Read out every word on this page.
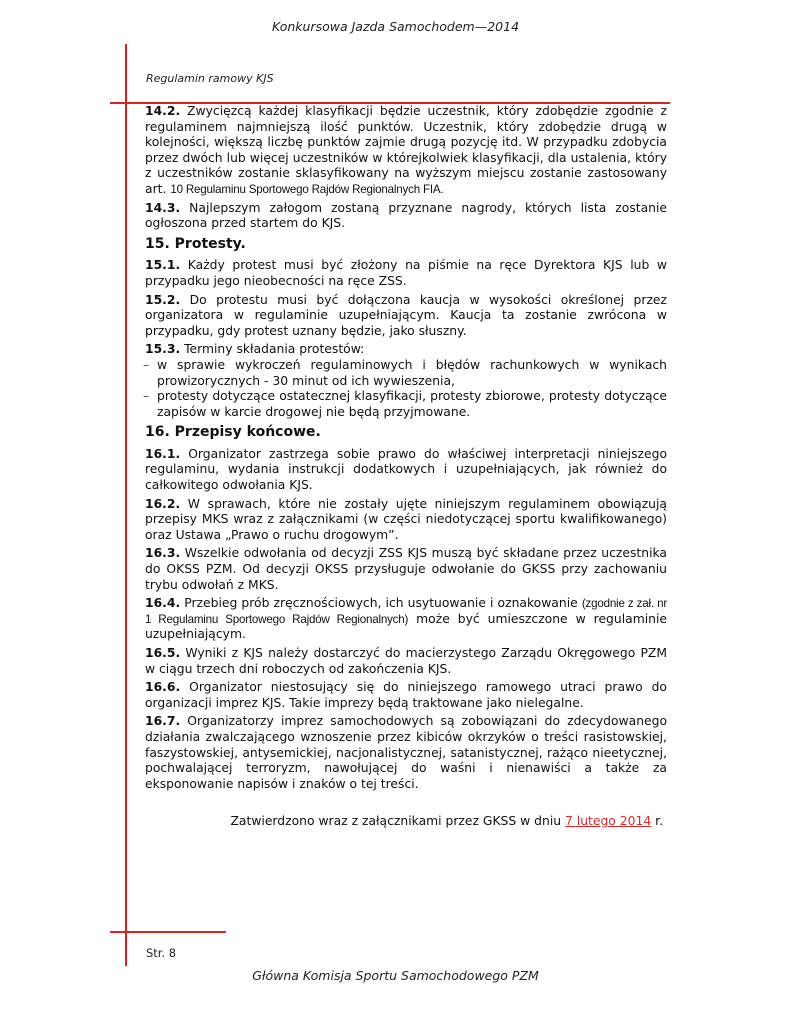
Konkursowa Jazda Samochodem—2014
Regulamin ramowy KJS

14.2. Zwycięzcą każdej klasyfikacji będzie uczestnik, który zdobędzie zgodnie z regulaminem najmniejszą ilość punktów. Uczestnik, który zdobędzie drugą w kolejności, większą liczbę punktów zajmie drugą pozycję itd. W przypadku zdobycia przez dwóch lub więcej uczestników w którejkolwiek klasyfikacji, dla ustalenia, który z uczestników zostanie sklasyfikowany na wyższym miejscu zostanie zastosowany art. 10 Regulaminu Sportowego Rajdów Regionalnych FIA.

14.3. Najlepszym załogom zostaną przyznane nagrody, których lista zostanie ogłoszona przed startem do KJS.

15. Protesty.

15.1. Każdy protest musi być złożony na piśmie na ręce Dyrektora KJS lub w przypadku jego nieobecności na ręce ZSS.

15.2. Do protestu musi być dołączona kaucja w wysokości określonej przez organizatora w regulaminie uzupełniającym. Kaucja ta zostanie zwrócona w przypadku, gdy protest uznany będzie, jako słuszny.

15.3. Terminy składania protestów:

– w sprawie wykroczeń regulaminowych i błędów rachunkowych w wynikach prowizorycznych - 30 minut od ich wywieszenia,
– protesty dotyczące ostatecznej klasyfikacji, protesty zbiorowe, protesty dotyczące zapisów w karcie drogowej nie będą przyjmowane.
16. Przepisy końcowe.

16.1. Organizator zastrzega sobie prawo do właściwej interpretacji niniejszego regulaminu, wydania instrukcji dodatkowych i uzupełniających, jak również do całkowitego odwołania KJS.

16.2. W sprawach, które nie zostały ujęte niniejszym regulaminem obowiązują przepisy MKS wraz z załącznikami (w części niedotyczącej sportu kwalifikowanego) oraz Ustawa „Prawo o ruchu drogowym”.

16.3. Wszelkie odwołania od decyzji ZSS KJS muszą być składane przez uczestnika do OKSS PZM. Od decyzji OKSS przysługuje odwołanie do GKSS przy zachowaniu trybu odwołań z MKS.

16.4. Przebieg prób zręcznościowych, ich usytuowanie i oznakowanie (zgodnie z zał. nr 1 Regulaminu Sportowego Rajdów Regionalnych) może być umieszczone w regulaminie uzupełniającym.

16.5. Wyniki z KJS należy dostarczyć do macierzystego Zarządu Okręgowego PZM w ciągu trzech dni roboczych od zakończenia KJS.

16.6. Organizator niestosujący się do niniejszego ramowego utraci prawo do organizacji imprez KJS. Takie imprezy będą traktowane jako nielegalne.

16.7. Organizatorzy imprez samochodowych są zobowiązani do zdecydowanego działania zwalczającego wznoszenie przez kibiców okrzyków o treści rasistowskiej, faszystowskiej, antysemickiej, nacjonalistycznej, satanistycznej, rażąco nieetycznej, pochwalającej terroryzm, nawołującej do waśni i nienawiści a także za eksponowanie napisów i znaków o tej treści.

Zatwierdzono wraz z załącznikami przez GKSS w dniu 7 lutego 2014 r.
Str. 8
Główna Komisja Sportu Samochodowego PZM
